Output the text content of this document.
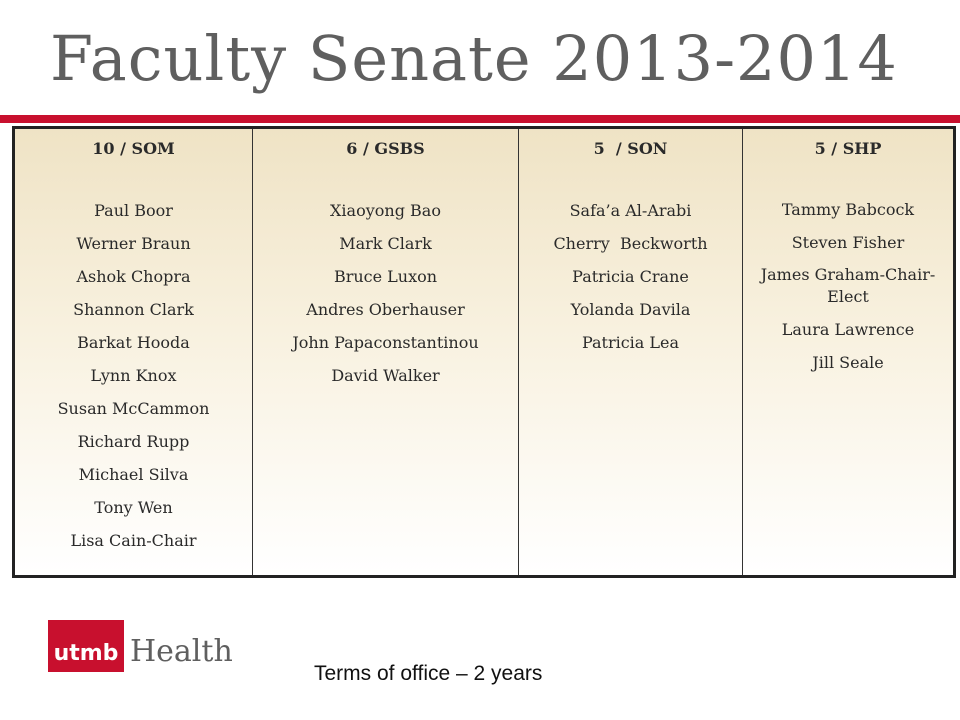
Faculty Senate 2013-2014
10 / SOM
Paul Boor
Werner Braun
Ashok Chopra
Shannon Clark
Barkat Hooda
Lynn Knox
Susan McCammon
Richard Rupp
Michael Silva
Tony Wen
Lisa Cain-Chair
6 / GSBS
Xiaoyong Bao
Mark Clark
Bruce Luxon
Andres Oberhauser
John Papaconstantinou
David Walker
5  / SON
Safa’a Al-Arabi
Cherry  Beckworth
Patricia Crane
Yolanda Davila
Patricia Lea
5 / SHP
Tammy Babcock
Steven Fisher
James Graham-Chair-Elect
Laura Lawrence
Jill Seale
utmb Health
Terms of office – 2 years
